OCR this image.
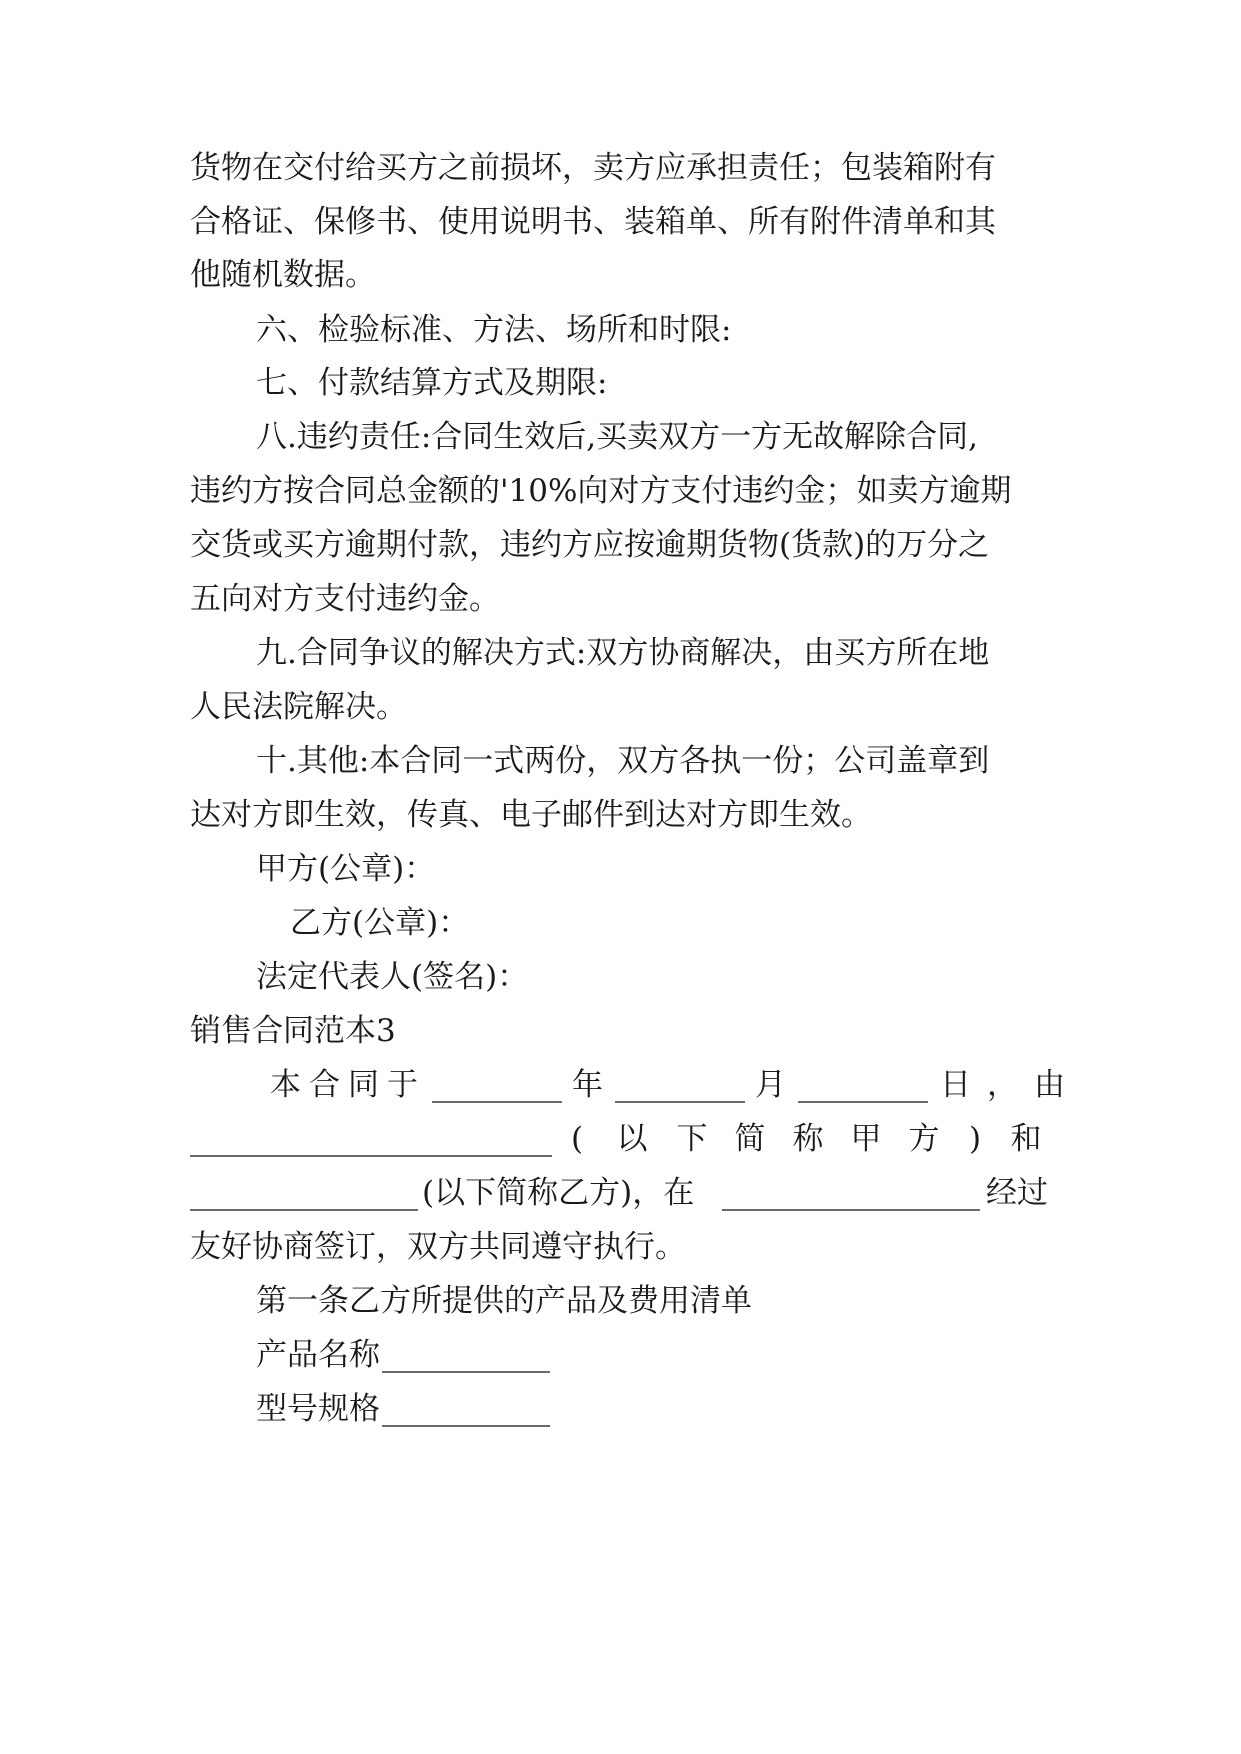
货物在交付给买方之前损坏，卖方应承担责任；包装箱附有
合格证、保修书、使用说明书、装箱单、所有附件清单和其
他随机数据。
六、检验标准、方法、场所和时限:
七、付款结算方式及期限:
八.违约责任:合同生效后,买卖双方一方无故解除合同,
违约方按合同总金额的'10%向对方支付违约金；如卖方逾期
交货或买方逾期付款，违约方应按逾期货物(货款)的万分之
五向对方支付违约金。
九.合同争议的解决方式:双方协商解决，由买方所在地
人民法院解决。
十.其他:本合同一式两份，双方各执一份；公司盖章到
达对方即生效，传真、电子邮件到达对方即生效。
甲方(公章)：
乙方(公章)：
法定代表人(签名)：
销售合同范本3
本合同于	年	月	日，由
( 以 下 简 称 甲 方 ) 和
(以下简称乙方)，在	经过
友好协商签订，双方共同遵守执行。
第一条乙方所提供的产品及费用清单
产品名称
型号规格
